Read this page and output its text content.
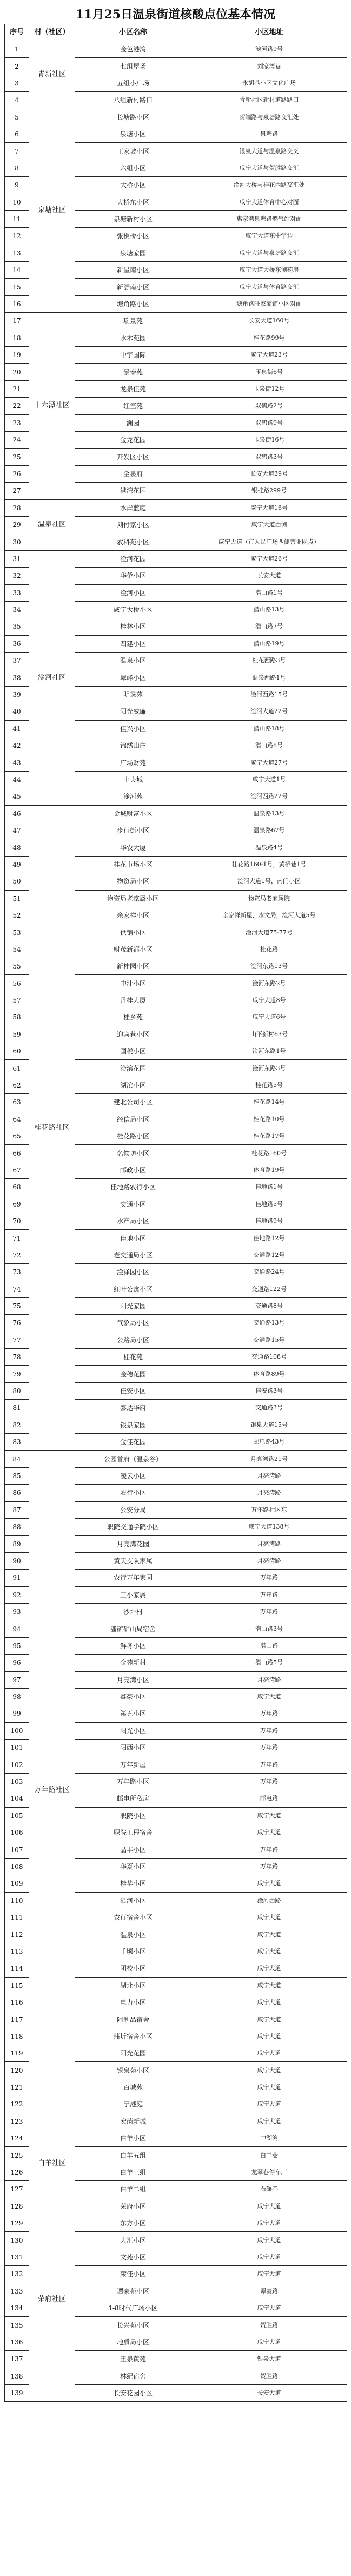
11月25日温泉街道核酸点位基本情况
序号	村（社区）	小区名称	小区地址
1	青新社区	金色港湾	滨河路9号
2		七组屋场	刘家湾巷
3		五组小广场	永胡巷小区文化广场
4		八组新村路口	青新社区新村道路路口
5	泉塘社区	长塘路小区	贺端路与泉塘路交汇处
6		泉塘小区	泉塘路
7		王家坡小区	银泉大道与温泉路交叉
8		六组小区	咸宁大道与贺胜路交汇
9		大桥小区	淦河大桥与桂花西路交汇处
10		大桥东小区	咸宁大道体育中心对面
11		泉塘新村小区	惠家湾泉塘路燃气站对面
12		张板桥小区	咸宁大道东中学边
13		泉塘家园	咸宁大道与泉塘路交汇
14		新星南小区	咸宁大道大桥东侧药房
15		新舒南小区	咸宁大道与体育路交汇
16		塘角路小区	塘角路旺家商铺小区对面
17	十六潭社区	瑞景苑	长安大道160号
18		水木苑园	桂花路99号
19		中宇国际	咸宁大道23号
20		景泰苑	玉泉街6号
21		龙泉佳苑	玉泉街12号
22		红竺苑	双鹤路2号
23		澜园	双鹤路9号
24		金龙花园	玉泉街16号
25		开发区小区	双鹤路3号
26		金泉府	长安大道39号
27		港湾花园	银桂路299号
28	温泉社区	水岸蓝庭	咸宁大道16号
29		刘付家小区	咸宁大道西侧
30		农科苑小区	咸宁大道（市人民广场西侧营业网点）
31	淦河社区	淦河花园	咸宁大道26号
32		华侨小区	长安大道
33		淦河小区	潜山路1号
34		咸宁大桥小区	潜山路13号
35		桂林小区	潜山路7号
36		四建小区	潜山路19号
37		温泉小区	桂花西路3号
38		翠峰小区	温泉西路1号
39		明珠苑	淦河西路15号
40		阳光威廉	淦河大道22号
41		佳兴小区	潜山路18号
42		锦绣山庄	潜山路8号
43		广场财苑	咸宁大道27号
44		中央城	咸宁大道1号
45		淦河苑	淦河西路22号
46	桂花路社区	金城财富小区	温泉路13号
47		步行街小区	温泉路67号
48		华农大厦	温泉路4号
49		桂花市场小区	桂花路160-1号，黄桥巷1号
50		物资局小区	淦河大道1号，南门小区
51		物资局老家属小区	物资局老家属院
52		余家祥小区	余家祥新屋，水文局，淦河大道5号
53		供销小区	淦河大道75-77号
54		财茂新都小区	桂花路
55		新桂园小区	淦河东路13号
56		中汁小区	淦河东路2号
57		丹桂大厦	咸宁大道8号
58		桂乡苑	咸宁大道6号
59		迎宾巷小区	山下新村63号
60		国税小区	淦河东路1号
61		淦滨花园	淦河东路3号
62		湖滨小区	桂花路5号
63		建北公司小区	桂花路14号
64		经信局小区	桂花路10号
65		桂花路小区	桂花路17号
66		名物坊小区	桂花路160号
67		邮政小区	体育路19号
68		佳地路农行小区	佳地路1号
69		交通小区	佳地路5号
70		水产局小区	佳地路9号
71		佳地小区	佳地路12号
72		老交通局小区	交通路12号
73		淦泽园小区	交通路24号
74		红叶公寓小区	交通路122号
75		阳光家园	交通路8号
76		气象局小区	交通路13号
77		公路局小区	交通路15号
78		桂花苑	交通路108号
79		金穗花园	体育路89号
80		佳安小区	佳安路3号
81		泰达华府	交通路3号
82		银泉家园	银泉大道15号
83		金佳花园	邮电路43号
84	万年路社区	公园首府（温泉谷）	月亮湾路21号
85		凌云小区	月亮湾路
86		农行小区	月亮湾路
87		公安分局	万年路社区东
88		职院交通学院小区	咸宁大道138号
89		月亮湾花园	月亮湾路
90		黄天支队家属	月亮湾路
91		农行万年家园	万年路
92		三小家属	万年路
93		沙坪村	万年路
94		潘矿矿山局宿舍	潜山路3号
95		鲜冬小区	潜山路
96		金苑新村	潜山路5号
97		月亮湾小区	月亮湾路
98		鑫豪小区	咸宁大道
99		第五小区	万年路
100		阳光小区	万年路
101		阳西小区	万年路
102		万年新屋	万年路
103		万年路小区	万年路
104		邮电所私房	邮电路
105		职院小区	咸宁大道
106		职院工程宿舍	咸宁大道
107		晶丰小区	万年路
108		华夏小区	万年路
109		桂华小区	咸宁大道
110		沿河小区	淦河西路
111		农行宿舍小区	咸宁大道
112		温泉小区	咸宁大道
113		千顷小区	咸宁大道
114		团校小区	咸宁大道
115		湖北小区	咸宁大道
116		电力小区	咸宁大道
117		阿利品宿舍	咸宁大道
118		蒲圻宿舍小区	咸宁大道
119		阳光花园	咸宁大道
120		银泉苑小区	咸宁大道
121		百城苑	咸宁大道
122		宁港庭	咸宁大道
123		宏菌新城	咸宁大道
124	白羊社区	白羊小区	中湖湾
125		白羊五组	白羊巷
126		白羊三组	龙翠巷停车厂
127		白羊二组	石碾巷
128	荣府社区	荣府小区	咸宁大道
129		东方小区	咸宁大道
130		大汇小区	咸宁大道
131		文苑小区	咸宁大道
132		荣佳小区	咸宁大道
133		谭豪苑小区	谭豪路
134		1-8时代广场小区	咸宁大道
135		长兴苑小区	贺胜路
136		地质局小区	咸宁大道
137		王泉黄苑	银泉大道
138		林纪宿舍	贺胜路
139		长安花园小区	长安大道
